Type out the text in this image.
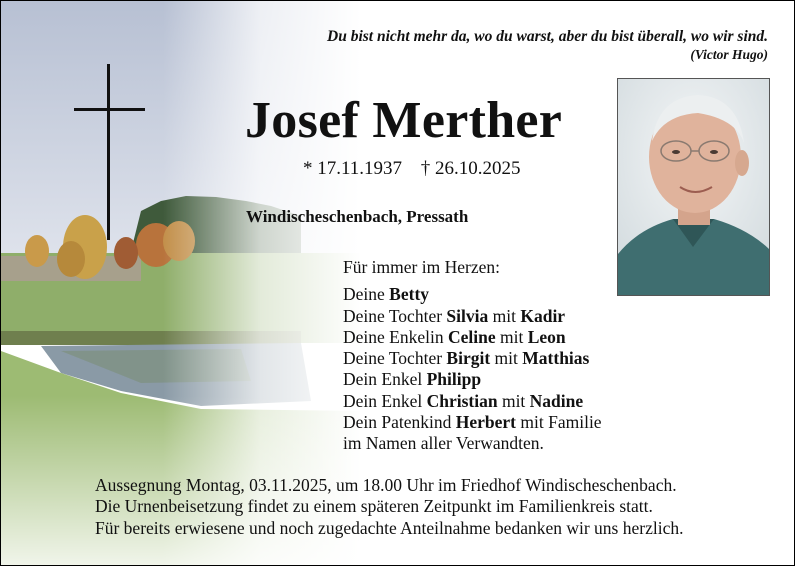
Du bist nicht mehr da, wo du warst, aber du bist überall, wo wir sind.
(Victor Hugo)
Josef Merther
* 17.11.1937 † 26.10.2025
Windischeschenbach, Pressath
Für immer im Herzen:
Deine Betty
Deine Tochter Silvia mit Kadir
Deine Enkelin Celine mit Leon
Deine Tochter Birgit mit Matthias
Dein Enkel Philipp
Dein Enkel Christian mit Nadine
Dein Patenkind Herbert mit Familie
im Namen aller Verwandten.
Aussegnung Montag, 03.11.2025, um 18.00 Uhr im Friedhof Windischeschenbach.
Die Urnenbeisetzung findet zu einem späteren Zeitpunkt im Familienkreis statt.
Für bereits erwiesene und noch zugedachte Anteilnahme bedanken wir uns herzlich.
